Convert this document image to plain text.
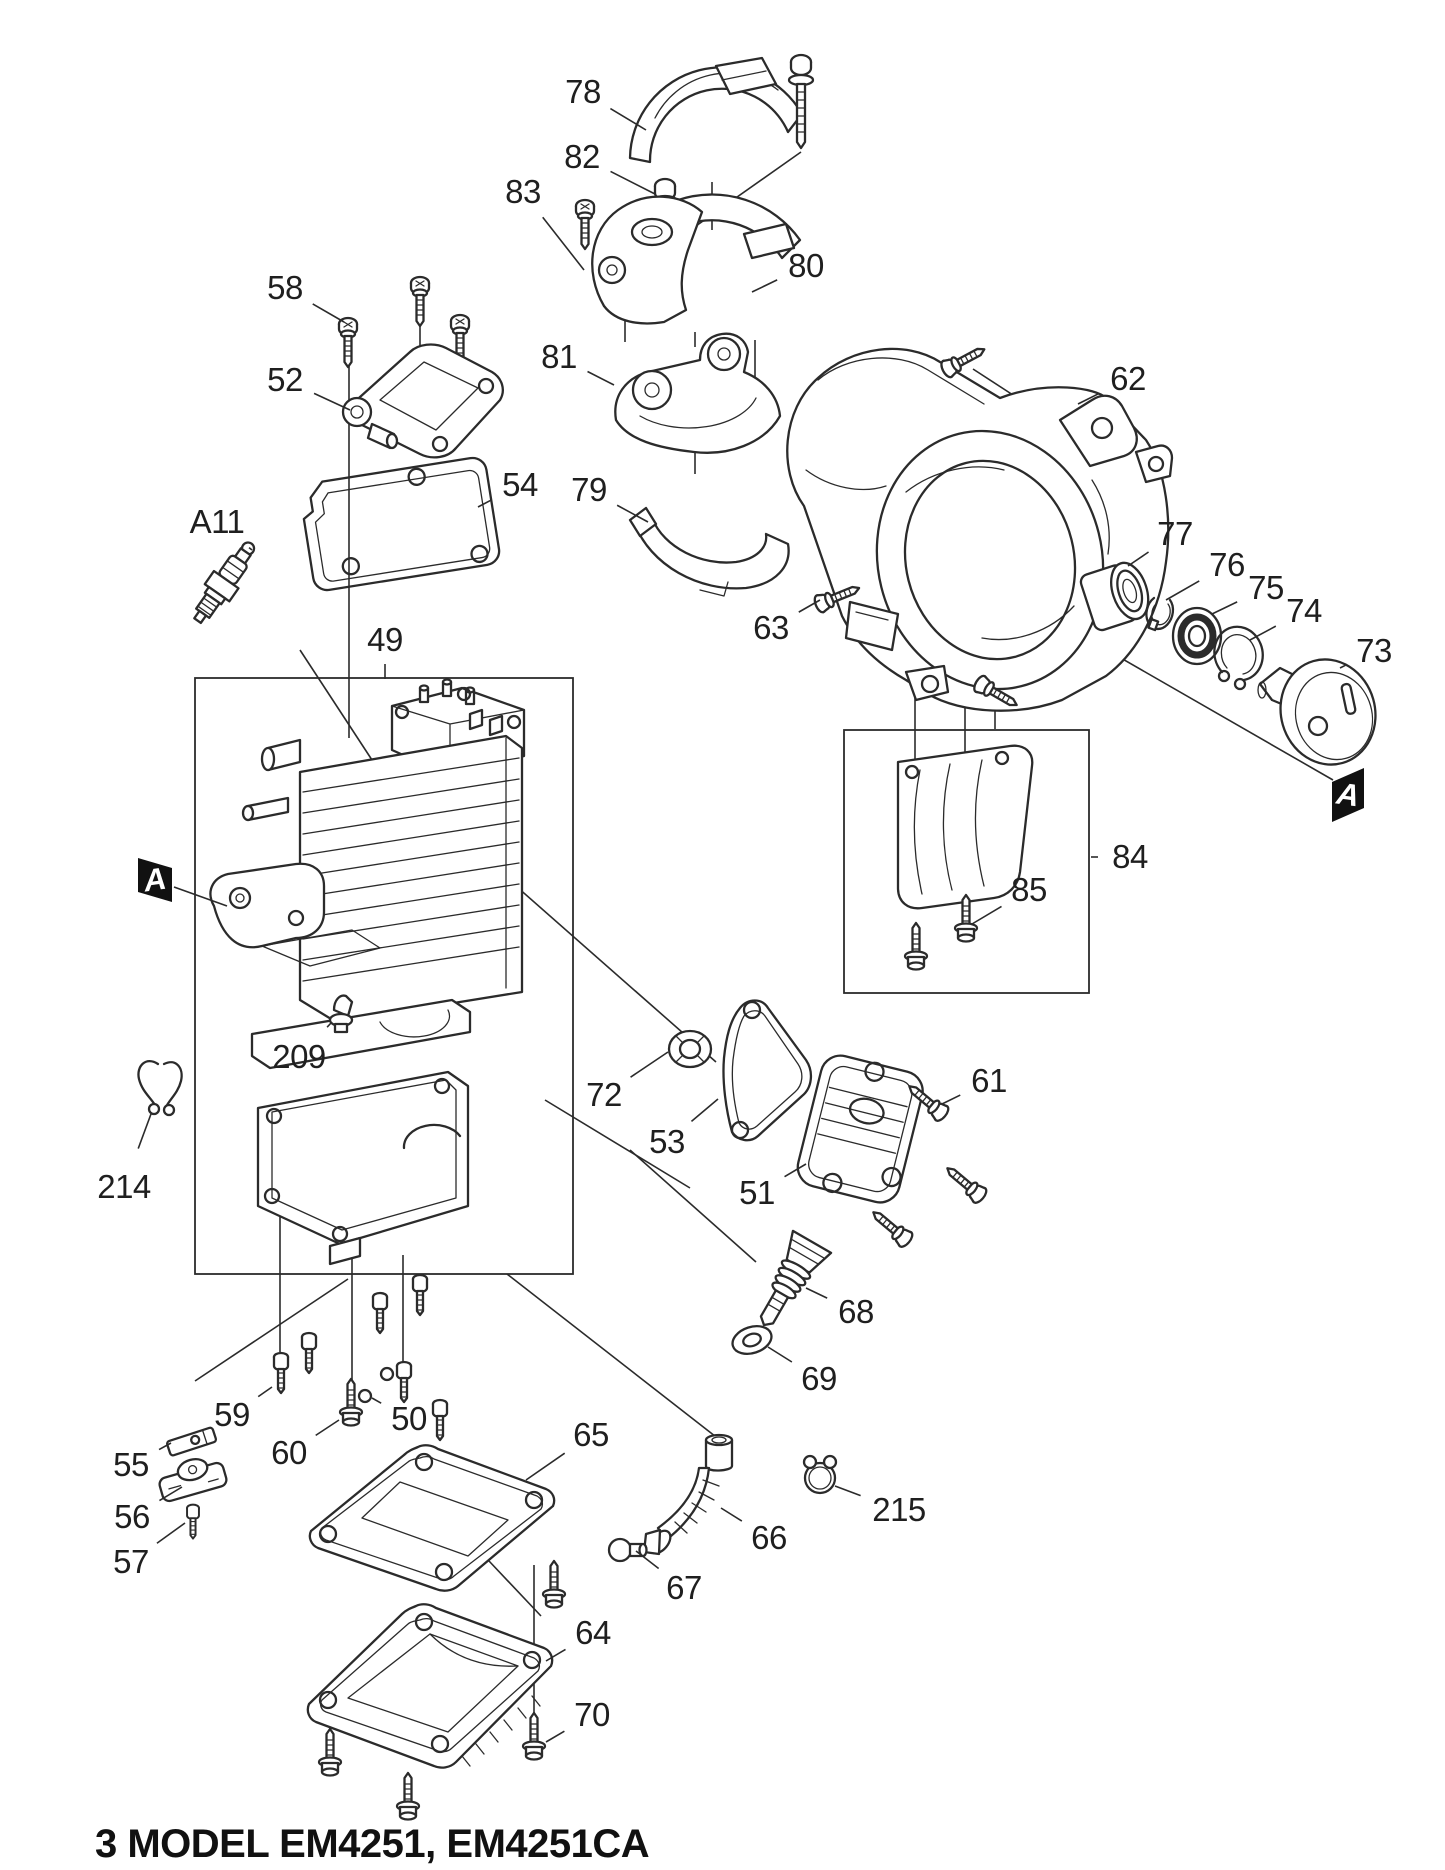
78
82
83
80
81
79
58
52
54
A11
49
62
77
76
75
74
73
63
84
85
72
53
51
61
68
69
209
214
59
60
50
55
56
57
65
66
67
215
64
70
A
A
3 MODEL EM4251, EM4251CA
